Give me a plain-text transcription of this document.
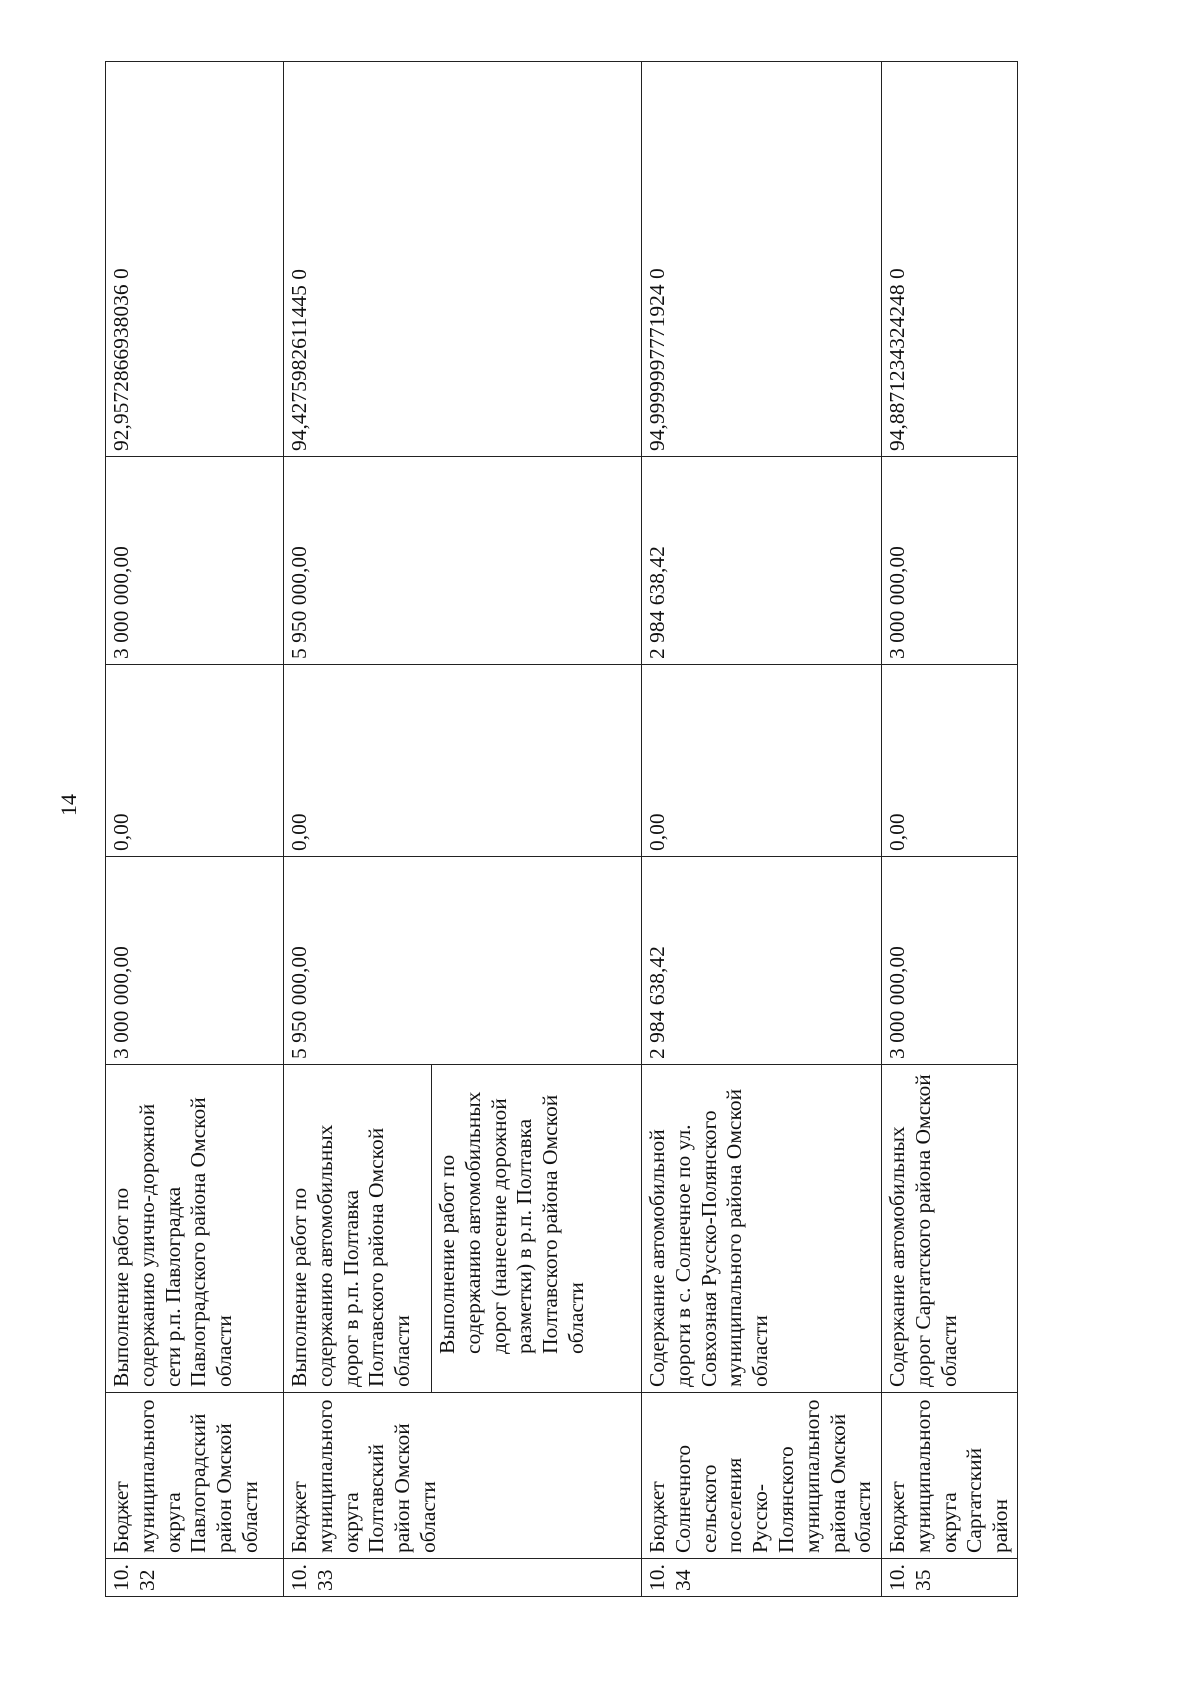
14
10.32	Бюджет муниципального округа Павлоградский район Омской области	Выполнение работ по содержанию улично-дорожной сети р.п. Павлоградка Павлоградского района Омской области	3 000 000,00	0,00	3 000 000,00	92,9572866938036 0
10.33	Бюджет муниципального округа Полтавский район Омской области	Выполнение работ по содержанию автомобильных дорог в р.п. Полтавка Полтавского района Омской области	5 950 000,00	0,00	5 950 000,00	94,4275982611445 0
		Выполнение работ по содержанию автомобильных дорог (нанесение дорожной разметки) в р.п. Полтавка Полтавского района Омской области				
10.34	Бюджет Солнечного сельского поселения Русско-Полянского муниципального района Омской области	Содержание автомобильной дороги в с. Солнечное по ул. Совхозная Русско-Полянского муниципального района Омской области	2 984 638,42	0,00	2 984 638,42	94,9999997771924 0
10.35	Бюджет муниципального округа Саргатский район	Содержание автомобильных дорог Саргатского района Омской области	3 000 000,00	0,00	3 000 000,00	94,8871234324248 0
